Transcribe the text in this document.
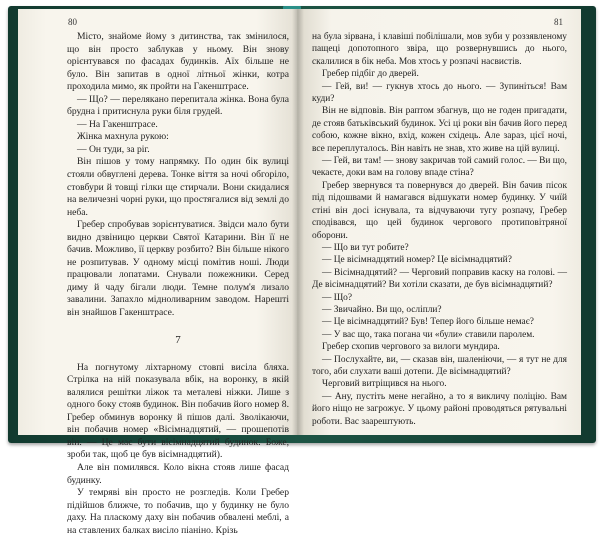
80

Місто, знайоме йому з дитинства, так змінилося, що він просто заблукав у ньому. Він знову орієнтувався по фасадах будинків. Аїх більше не було. Він запитав в одної літньої жінки, котра проходила мимо, як пройти на Гакенштрасе.

— Що? — перелякано перепитала жінка. Вона була брудна і притиснула руки біля грудей.

— На Гакенштрасе.

Жінка махнула рукою:

— Он туди, за ріг.

Він пішов у тому напрямку. По один бік вулиці стояли обвуглені дерева. Тонке віття за ночі обгоріло, стовбури й товщі гілки ще стирчали. Вони скидалися на величезні чорні руки, що простягалися від землі до неба.

Гребер спробував зорієнтуватися. Звідси мало бути видно дзвіницю церкви Святої Катарини. Він її не бачив. Можливо, її церкву розбито? Він більше нікого не розпитував. У одному місці помітив ноші. Люди працювали лопатами. Снували пожежники. Серед диму й чаду бігали люди. Темне полум'я лизало завалини. Запахло мідноливарним заводом. Нарешті він знайшов Гакенштрасе.

7

На погнутому ліхтарному стовпі висіла бляха. Стрілка на ній показувала вбік, на воронку, в якій валялися решітки ліжок та металеві ніжки. Лише з одного боку стояв будинок. Він побачив його номер 8. Гребер обминув воронку й пішов далі. Зволікаючи, він побачив номер «Вісімнадцятий, — прошепотів він. — Це має бути вісімнадцятий будинок. Боже, зроби так, щоб це був вісімнадцятий).

Але він помилявся. Коло вікна стояв лише фасад будинку.

У темряві він просто не розгледів. Коли Гребер підійшов ближче, то побачив, що у будинку не було даху. На пласкому даху він побачив обвалені меблі, а на ставлених балках висіло піаніно. Крізь

81

на була зірвана, і клавіші побілішали, мов зуби у роззявленому пащеці допотопного звіра, що розвернувшись до нього, скалилися в бік неба. Мов хтось у розпачі насвистів.

Гребер підбіг до дверей.

— Гей, ви! — гукнув хтось до нього. — Зупиніться! Вам куди?

Він не відповів. Він раптом збагнув, що не годен пригадати, де стояв батьківський будинок. Усі ці роки він бачив його перед собою, кожне вікно, вхід, кожен східець. Але зараз, цієї ночі, все переплуталось. Він навіть не знав, хто живе на цій вулиці.

— Гей, ви там! — знову закричав той самий голос. — Ви що, чекаєте, доки вам на голову впаде стіна?

Гребер звернувся та повернувся до дверей. Він бачив пісок під підошвами й намагався відшукати номер будинку. У чиїй стіні він досі існувала, та відчуваючи тугу розпачу, Гребер сподівався, що цей будинок чергового протиповітряної оборони.

— Що ви тут робите?

— Це вісімнадцятий номер? Це вісімнадцятий?

— Вісімнадцятий? — Черговий поправив каску на голові. — Де вісімнадцятий? Ви хотіли сказати, де був вісімнадцятий?

— Що?

— Звичайно. Ви що, осліпли?

— Це вісімнадцятий? Був! Тепер його більше немає?

— У вас що, така погана чи «були» ставили паролем.

Гребер схопив чергового за вилоги мундира.

— Послухайте, ви, — сказав він, шаленіючи, — я тут не для того, аби слухати ваші дотепи. Де вісімнадцятий?

Черговий витріщився на нього.

— Ану, пустіть мене негайно, а то я викличу поліцію. Вам його ніщо не загрожує. У цьому районі проводяться рятувальні роботи. Вас заарештують.
